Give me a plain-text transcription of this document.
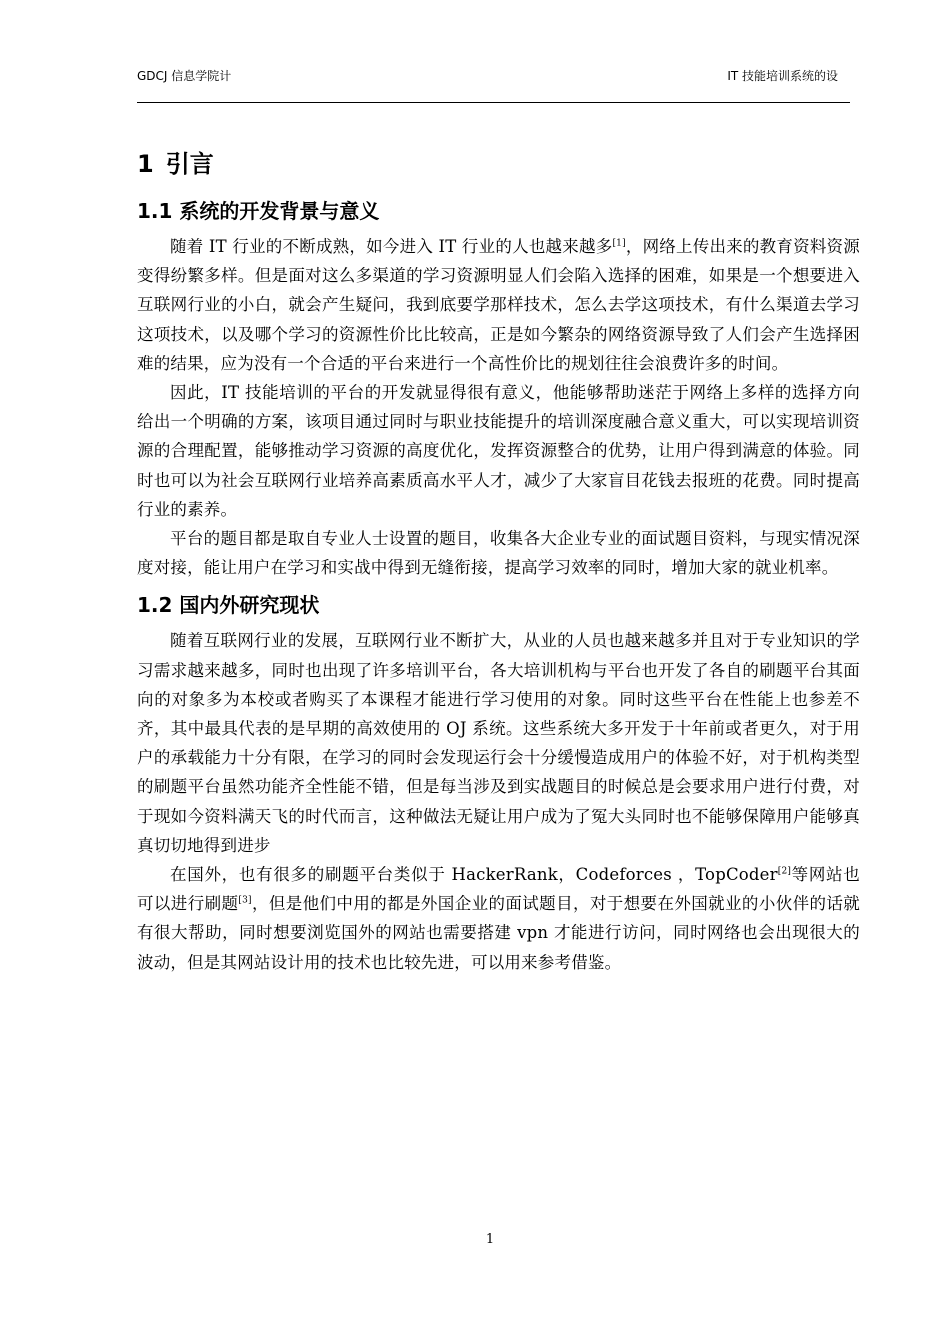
GDCJ 信息学院计	IT 技能培训系统的设
1 引言
1.1 系统的开发背景与意义

随着 IT 行业的不断成熟，如今进入 IT 行业的人也越来越多[1]，网络上传出来的教育资料资源变得纷繁多样。但是面对这么多渠道的学习资源明显人们会陷入选择的困难，如果是一个想要进入互联网行业的小白，就会产生疑问，我到底要学那样技术，怎么去学这项技术，有什么渠道去学习这项技术，以及哪个学习的资源性价比比较高，正是如今繁杂的网络资源导致了人们会产生选择困难的结果，应为没有一个合适的平台来进行一个高性价比的规划往往会浪费许多的时间。

因此，IT 技能培训的平台的开发就显得很有意义，他能够帮助迷茫于网络上多样的选择方向给出一个明确的方案，该项目通过同时与职业技能提升的培训深度融合意义重大，可以实现培训资源的合理配置，能够推动学习资源的高度优化，发挥资源整合的优势，让用户得到满意的体验。同时也可以为社会互联网行业培养高素质高水平人才，减少了大家盲目花钱去报班的花费。同时提高行业的素养。

平台的题目都是取自专业人士设置的题目，收集各大企业专业的面试题目资料，与现实情况深度对接，能让用户在学习和实战中得到无缝衔接，提高学习效率的同时，增加大家的就业机率。

1.2 国内外研究现状

随着互联网行业的发展，互联网行业不断扩大，从业的人员也越来越多并且对于专业知识的学习需求越来越多，同时也出现了许多培训平台，各大培训机构与平台也开发了各自的刷题平台其面向的对象多为本校或者购买了本课程才能进行学习使用的对象。同时这些平台在性能上也参差不齐，其中最具代表的是早期的高效使用的 OJ 系统。这些系统大多开发于十年前或者更久，对于用户的承载能力十分有限，在学习的同时会发现运行会十分缓慢造成用户的体验不好，对于机构类型的刷题平台虽然功能齐全性能不错，但是每当涉及到实战题目的时候总是会要求用户进行付费，对于现如今资料满天飞的时代而言，这种做法无疑让用户成为了冤大头同时也不能够保障用户能够真真切切地得到进步

在国外，也有很多的刷题平台类似于 HackerRank，Codeforces ，TopCoder[2]等网站也可以进行刷题[3]，但是他们中用的都是外国企业的面试题目，对于想要在外国就业的小伙伴的话就有很大帮助，同时想要浏览国外的网站也需要搭建 vpn 才能进行访问，同时网络也会出现很大的波动，但是其网站设计用的技术也比较先进，可以用来参考借鉴。

1
